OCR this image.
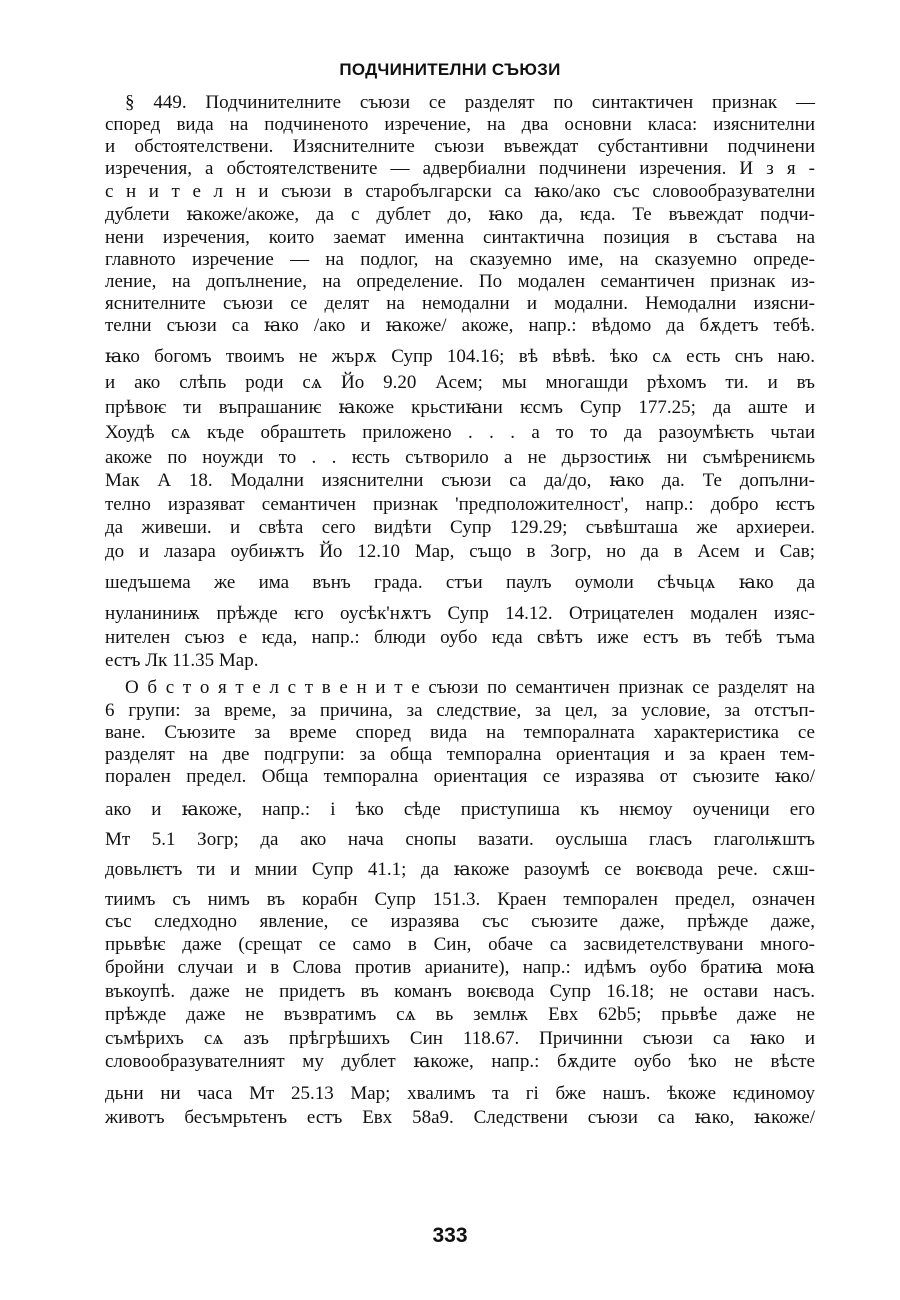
ПОДЧИНИТЕЛНИ СЪЮЗИ
§ 449. Подчинителните съюзи се разделят по синтактичен признак —
според вида на подчиненото изречение, на два основни класа: изяснителни
и обстоятелствени. Изяснителните съюзи въвеждат субстантивни подчинени
изречения, а обстоятелствените — адвербиални подчинени изречения. И з я -
с н и т е л н и съюзи в старобългарски са ꙗко/ако със словообразувателни
дублети ꙗкоже/акоже, да с дублет до, ꙗко да, ѥда. Те въвеждат подчи-
нени изречения, които заемат именна синтактична позиция в състава на
главното изречение — на подлог, на сказуемно име, на сказуемно опреде-
ление, на допълнение, на определение. По модален семантичен признак из-
яснителните съюзи се делят на немодални и модални. Немодални изясни-
телни съюзи са ꙗко /ако и ꙗкоже/ акоже, напр.: вѣдомо да бѫдетъ тебѣ.
ꙗко богомъ твоимъ не жърѫ Супр 104.16; вѣ вѣвѣ. ѣко сѧ есть снъ наю.
и ако слѣпь роди сѧ Йо 9.20 Асем; мы многашди рѣхомъ ти. и въ
прѣвоѥ ти въпрашаниѥ ꙗкоже крьстиꙗни ѥсмъ Супр 177.25; да аште и
Хоудѣ сѧ къде обраштеть приложено . . . а то то да разоумѣѥть чьтаи
акоже по ноужди то . . ѥсть сътворило а не дьрзостиѭ ни съмѣрениѥмь
Мак А 18. Модални изяснителни съюзи са да/до, ꙗко да. Те допълни-
телно изразяват семантичен признак 'предположителност', напр.: добро ѥстъ
да живеши. и свѣта сего видѣти Супр 129.29; съвѣшташа же архиереи.
до и лазара оубиѭтъ Йо 12.10 Мар, също в Зогр, но да в Асем и Сав;
шедъшема же има вънъ града. стъи паулъ оумоли сѣчьцѧ ꙗко да
нуланиниѭ прѣжде ѥго оусѣк'нѫтъ Супр 14.12. Отрицателен модален изяс-
нителен съюз е ѥда, напр.: блюди оубо ѥда свѣтъ иже естъ въ тебѣ тъма
естъ Лк 11.35 Мар.
О б с т о я т е л с т в е н и т е съюзи по семантичен признак се разделят на
6 групи: за време, за причина, за следствие, за цел, за условие, за отстъп-
ване. Съюзите за време според вида на темпоралната характеристика се
разделят на две подгрупи: за обща темпорална ориентация и за краен тем-
порален предел. Обща темпорална ориентация се изразява от съюзите ꙗко/
ако и ꙗкоже, напр.: і ѣко сѣде приступиша къ нѥмоу оученици его
Мт 5.1 Зогр; да ако нача снопы вазати. оуслыша гласъ глаголѭштъ
довьлѥтъ ти и мнии Супр 41.1; да ꙗкоже разоумѣ се воѥвода рече. сѫш-
тиимъ съ нимъ въ корабн Супр 151.3. Краен темпорален предел, означен
със следходно явление, се изразява със съюзите даже, прѣжде даже,
прьвѣѥ даже (срещат се само в Син, обаче са засвидетелствувани много-
бройни случаи и в Слова против арианите), напр.: идѣмъ оубо братиꙗ моꙗ
въкоупѣ. даже не придетъ въ команъ воѥвода Супр 16.18; не остави насъ.
прѣжде даже не възвратимъ сѧ вь землѭ Евх 62b5; прьвѣе даже не
съмѣрихъ сѧ азъ прѣгрѣшихъ Син 118.67. Причинни съюзи са ꙗко и
словообразувателният му дублет ꙗкоже, напр.: бѫдите оубо ѣко не вѣсте
дьни ни часа Мт 25.13 Мар; хвалимъ та гі бже нашъ. ѣкоже ѥдиномоу
животъ бесъмрьтенъ естъ Евх 58а9. Следствени съюзи са ꙗко, ꙗкоже/
333
